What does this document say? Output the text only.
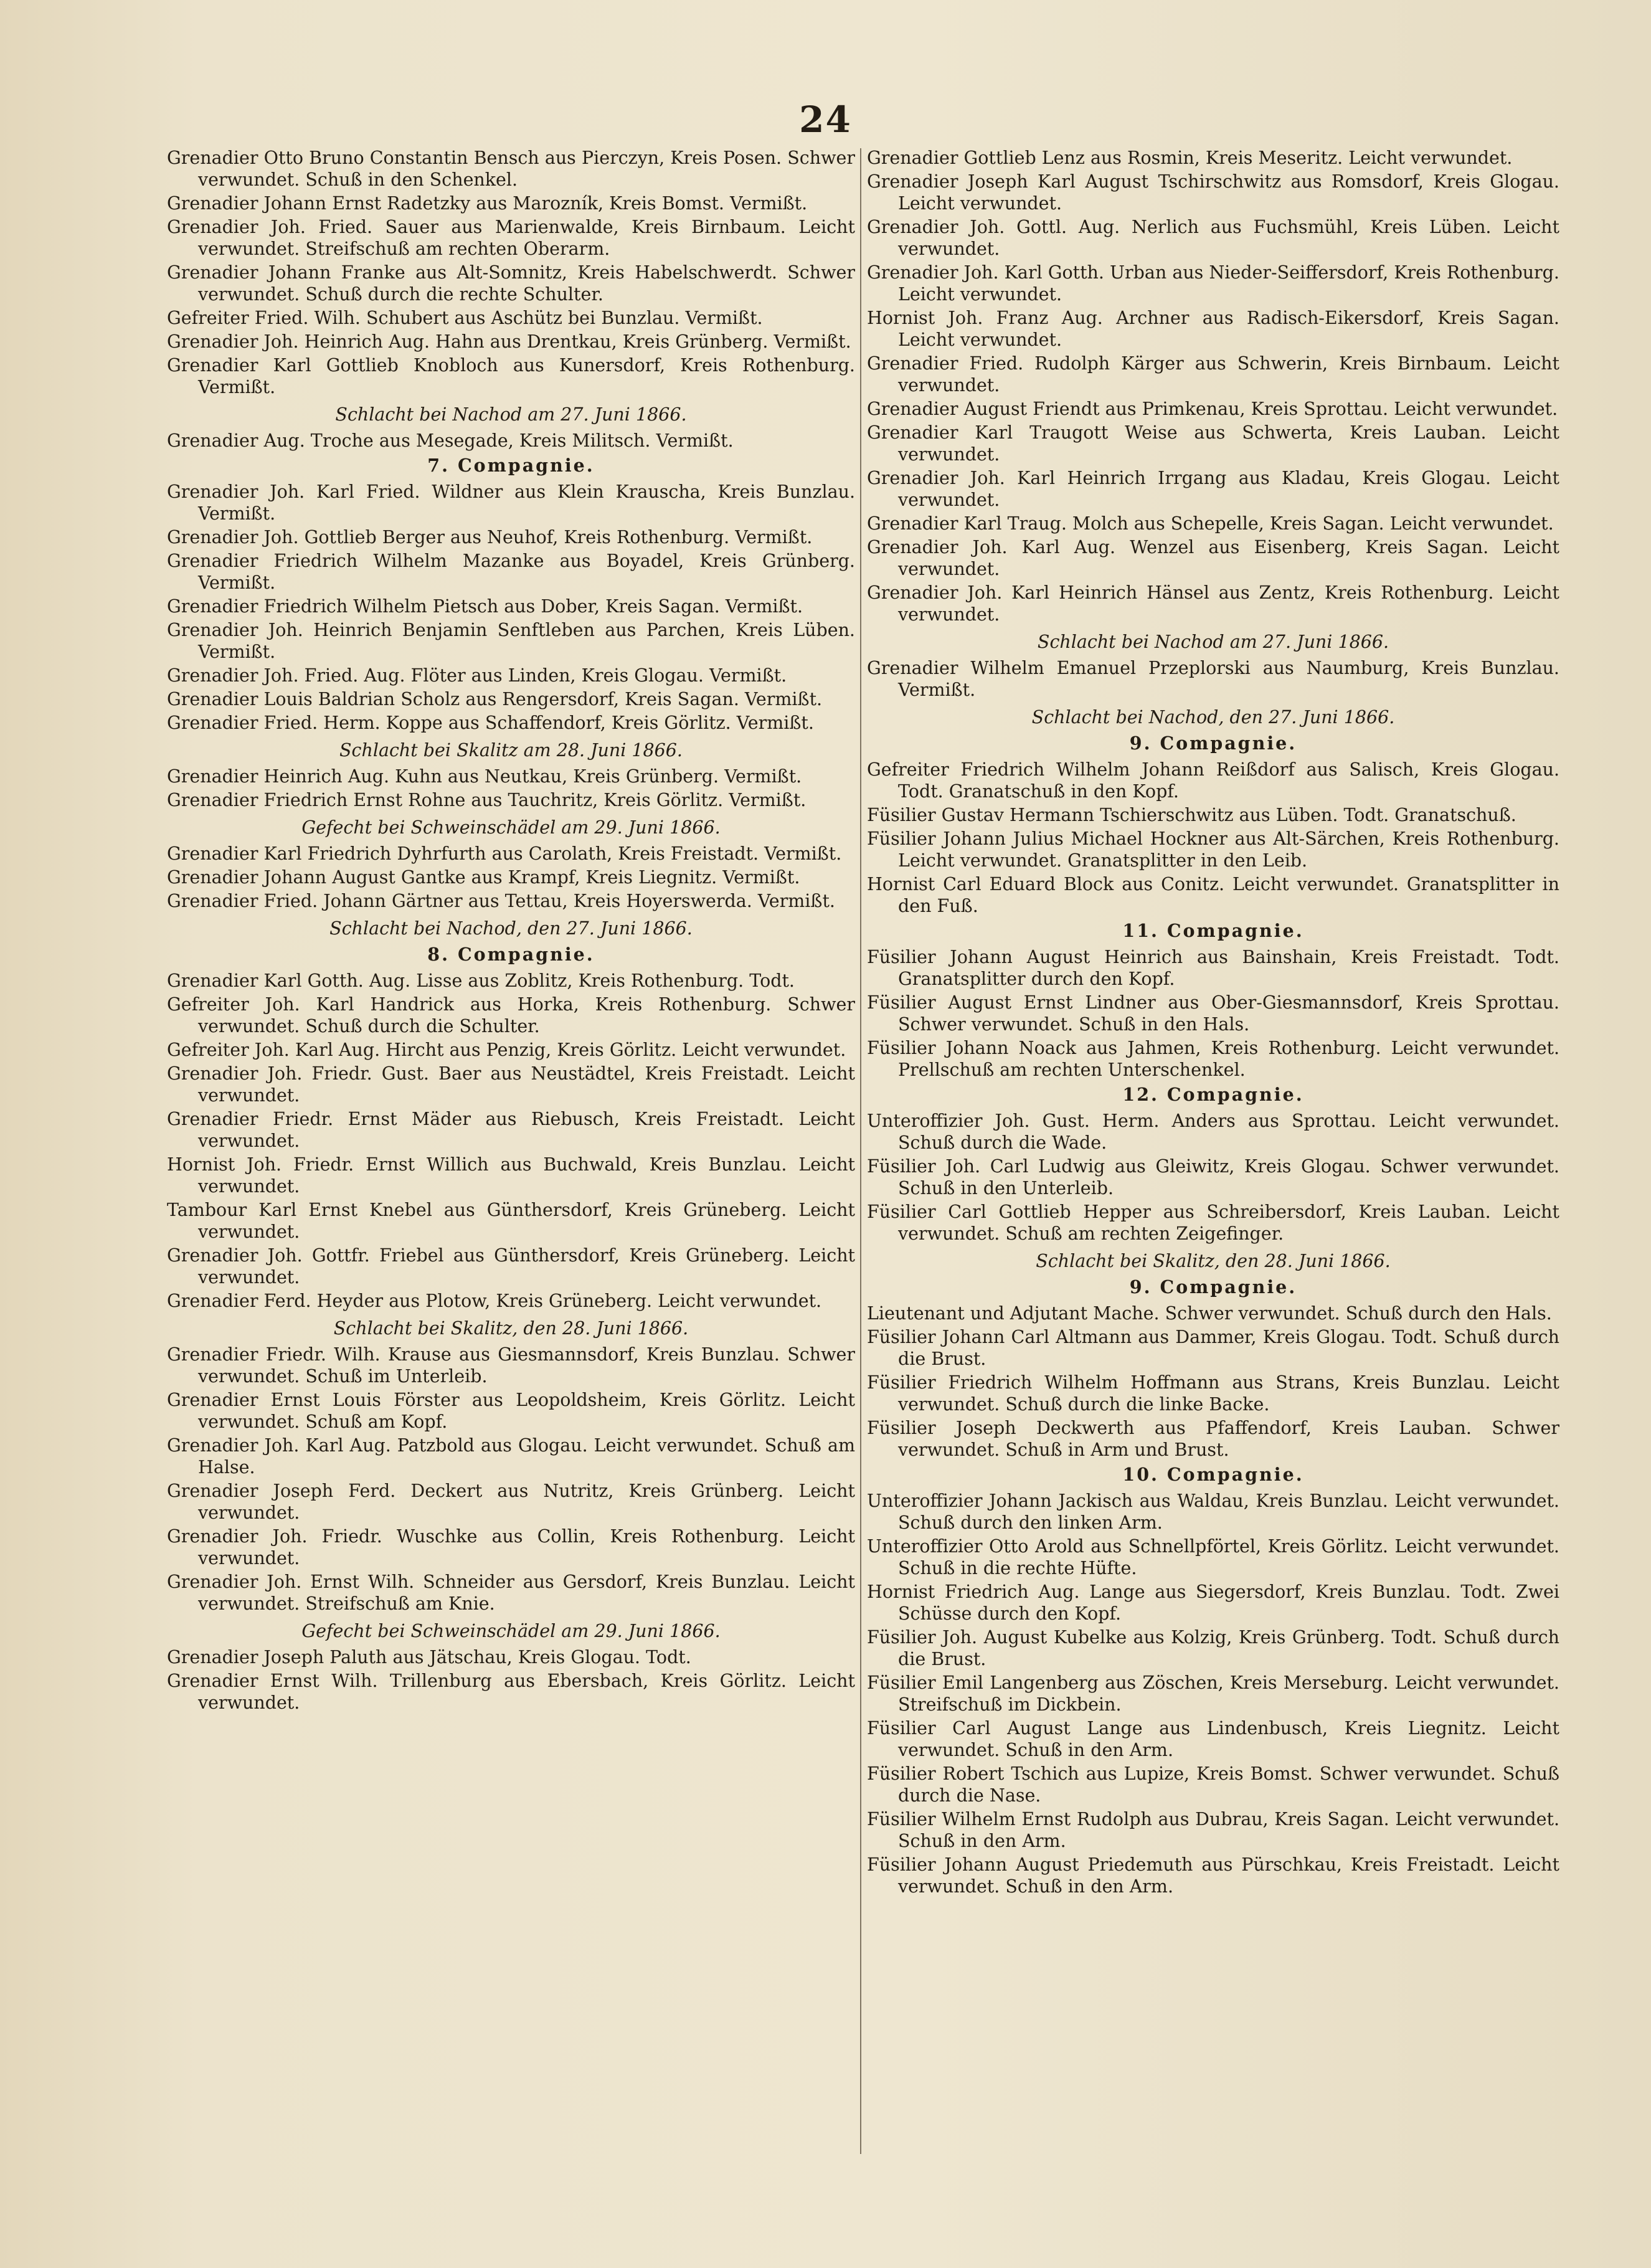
24

Grenadier Otto Bruno Constantin Bensch aus Pierczyn, Kreis Posen. Schwer verwundet. Schuß in den Schenkel.

Grenadier Johann Ernst Radetzky aus Marozník, Kreis Bomst. Vermißt.

Grenadier Joh. Fried. Sauer aus Marienwalde, Kreis Birnbaum. Leicht verwundet. Streifschuß am rechten Oberarm.

Grenadier Johann Franke aus Alt-Somnitz, Kreis Habelschwerdt. Schwer verwundet. Schuß durch die rechte Schulter.

Gefreiter Fried. Wilh. Schubert aus Aschütz bei Bunzlau. Vermißt.

Grenadier Joh. Heinrich Aug. Hahn aus Drentkau, Kreis Grünberg. Vermißt.

Grenadier Karl Gottlieb Knobloch aus Kunersdorf, Kreis Rothenburg. Vermißt.

Schlacht bei Nachod am 27. Juni 1866.

Grenadier Aug. Troche aus Mesegade, Kreis Militsch. Vermißt.

7. Compagnie.

Grenadier Joh. Karl Fried. Wildner aus Klein Krauscha, Kreis Bunzlau. Vermißt.

Grenadier Joh. Gottlieb Berger aus Neuhof, Kreis Rothenburg. Vermißt.

Grenadier Friedrich Wilhelm Mazanke aus Boyadel, Kreis Grünberg. Vermißt.

Grenadier Friedrich Wilhelm Pietsch aus Dober, Kreis Sagan. Vermißt.

Grenadier Joh. Heinrich Benjamin Senftleben aus Parchen, Kreis Lüben. Vermißt.

Grenadier Joh. Fried. Aug. Flöter aus Linden, Kreis Glogau. Vermißt.

Grenadier Louis Baldrian Scholz aus Rengersdorf, Kreis Sagan. Vermißt.

Grenadier Fried. Herm. Koppe aus Schaffendorf, Kreis Görlitz. Vermißt.

Schlacht bei Skalitz am 28. Juni 1866.

Grenadier Heinrich Aug. Kuhn aus Neutkau, Kreis Grünberg. Vermißt.

Grenadier Friedrich Ernst Rohne aus Tauchritz, Kreis Görlitz. Vermißt.

Gefecht bei Schweinschädel am 29. Juni 1866.

Grenadier Karl Friedrich Dyhrfurth aus Carolath, Kreis Freistadt. Vermißt.

Grenadier Johann August Gantke aus Krampf, Kreis Liegnitz. Vermißt.

Grenadier Fried. Johann Gärtner aus Tettau, Kreis Hoyerswerda. Vermißt.

Schlacht bei Nachod, den 27. Juni 1866.

8. Compagnie.

Grenadier Karl Gotth. Aug. Lisse aus Zoblitz, Kreis Rothenburg. Todt.

Gefreiter Joh. Karl Handrick aus Horka, Kreis Rothenburg. Schwer verwundet. Schuß durch die Schulter.

Gefreiter Joh. Karl Aug. Hircht aus Penzig, Kreis Görlitz. Leicht verwundet.

Grenadier Joh. Friedr. Gust. Baer aus Neustädtel, Kreis Freistadt. Leicht verwundet.

Grenadier Friedr. Ernst Mäder aus Riebusch, Kreis Freistadt. Leicht verwundet.

Hornist Joh. Friedr. Ernst Willich aus Buchwald, Kreis Bunzlau. Leicht verwundet.

Tambour Karl Ernst Knebel aus Günthersdorf, Kreis Grüneberg. Leicht verwundet.

Grenadier Joh. Gottfr. Friebel aus Günthersdorf, Kreis Grüneberg. Leicht verwundet.

Grenadier Ferd. Heyder aus Plotow, Kreis Grüneberg. Leicht verwundet.

Schlacht bei Skalitz, den 28. Juni 1866.

Grenadier Friedr. Wilh. Krause aus Giesmannsdorf, Kreis Bunzlau. Schwer verwundet. Schuß im Unterleib.

Grenadier Ernst Louis Förster aus Leopoldsheim, Kreis Görlitz. Leicht verwundet. Schuß am Kopf.

Grenadier Joh. Karl Aug. Patzbold aus Glogau. Leicht verwundet. Schuß am Halse.

Grenadier Joseph Ferd. Deckert aus Nutritz, Kreis Grünberg. Leicht verwundet.

Grenadier Joh. Friedr. Wuschke aus Collin, Kreis Rothenburg. Leicht verwundet.

Grenadier Joh. Ernst Wilh. Schneider aus Gersdorf, Kreis Bunzlau. Leicht verwundet. Streifschuß am Knie.

Gefecht bei Schweinschädel am 29. Juni 1866.

Grenadier Joseph Paluth aus Jätschau, Kreis Glogau. Todt.

Grenadier Ernst Wilh. Trillenburg aus Ebersbach, Kreis Görlitz. Leicht verwundet.

Grenadier Gottlieb Lenz aus Rosmin, Kreis Meseritz. Leicht verwundet.

Grenadier Joseph Karl August Tschirschwitz aus Romsdorf, Kreis Glogau. Leicht verwundet.

Grenadier Joh. Gottl. Aug. Nerlich aus Fuchsmühl, Kreis Lüben. Leicht verwundet.

Grenadier Joh. Karl Gotth. Urban aus Nieder-Seiffersdorf, Kreis Rothenburg. Leicht verwundet.

Hornist Joh. Franz Aug. Archner aus Radisch-Eikersdorf, Kreis Sagan. Leicht verwundet.

Grenadier Fried. Rudolph Kärger aus Schwerin, Kreis Birnbaum. Leicht verwundet.

Grenadier August Friendt aus Primkenau, Kreis Sprottau. Leicht verwundet.

Grenadier Karl Traugott Weise aus Schwerta, Kreis Lauban. Leicht verwundet.

Grenadier Joh. Karl Heinrich Irrgang aus Kladau, Kreis Glogau. Leicht verwundet.

Grenadier Karl Traug. Molch aus Schepelle, Kreis Sagan. Leicht verwundet.

Grenadier Joh. Karl Aug. Wenzel aus Eisenberg, Kreis Sagan. Leicht verwundet.

Grenadier Joh. Karl Heinrich Hänsel aus Zentz, Kreis Rothenburg. Leicht verwundet.

Schlacht bei Nachod am 27. Juni 1866.

Grenadier Wilhelm Emanuel Przeplorski aus Naumburg, Kreis Bunzlau. Vermißt.

Schlacht bei Nachod, den 27. Juni 1866.

9. Compagnie.

Gefreiter Friedrich Wilhelm Johann Reißdorf aus Salisch, Kreis Glogau. Todt. Granatschuß in den Kopf.

Füsilier Gustav Hermann Tschierschwitz aus Lüben. Todt. Granatschuß.

Füsilier Johann Julius Michael Hockner aus Alt-Särchen, Kreis Rothenburg. Leicht verwundet. Granatsplitter in den Leib.

Hornist Carl Eduard Block aus Conitz. Leicht verwundet. Granatsplitter in den Fuß.

11. Compagnie.

Füsilier Johann August Heinrich aus Bainshain, Kreis Freistadt. Todt. Granatsplitter durch den Kopf.

Füsilier August Ernst Lindner aus Ober-Giesmannsdorf, Kreis Sprottau. Schwer verwundet. Schuß in den Hals.

Füsilier Johann Noack aus Jahmen, Kreis Rothenburg. Leicht verwundet. Prellschuß am rechten Unterschenkel.

12. Compagnie.

Unteroffizier Joh. Gust. Herm. Anders aus Sprottau. Leicht verwundet. Schuß durch die Wade.

Füsilier Joh. Carl Ludwig aus Gleiwitz, Kreis Glogau. Schwer verwundet. Schuß in den Unterleib.

Füsilier Carl Gottlieb Hepper aus Schreibersdorf, Kreis Lauban. Leicht verwundet. Schuß am rechten Zeigefinger.

Schlacht bei Skalitz, den 28. Juni 1866.

9. Compagnie.

Lieutenant und Adjutant Mache. Schwer verwundet. Schuß durch den Hals.

Füsilier Johann Carl Altmann aus Dammer, Kreis Glogau. Todt. Schuß durch die Brust.

Füsilier Friedrich Wilhelm Hoffmann aus Strans, Kreis Bunzlau. Leicht verwundet. Schuß durch die linke Backe.

Füsilier Joseph Deckwerth aus Pfaffendorf, Kreis Lauban. Schwer verwundet. Schuß in Arm und Brust.

10. Compagnie.

Unteroffizier Johann Jackisch aus Waldau, Kreis Bunzlau. Leicht verwundet. Schuß durch den linken Arm.

Unteroffizier Otto Arold aus Schnellpförtel, Kreis Görlitz. Leicht verwundet. Schuß in die rechte Hüfte.

Hornist Friedrich Aug. Lange aus Siegersdorf, Kreis Bunzlau. Todt. Zwei Schüsse durch den Kopf.

Füsilier Joh. August Kubelke aus Kolzig, Kreis Grünberg. Todt. Schuß durch die Brust.

Füsilier Emil Langenberg aus Zöschen, Kreis Merseburg. Leicht verwundet. Streifschuß im Dickbein.

Füsilier Carl August Lange aus Lindenbusch, Kreis Liegnitz. Leicht verwundet. Schuß in den Arm.

Füsilier Robert Tschich aus Lupize, Kreis Bomst. Schwer verwundet. Schuß durch die Nase.

Füsilier Wilhelm Ernst Rudolph aus Dubrau, Kreis Sagan. Leicht verwundet. Schuß in den Arm.

Füsilier Johann August Priedemuth aus Pürschkau, Kreis Freistadt. Leicht verwundet. Schuß in den Arm.
